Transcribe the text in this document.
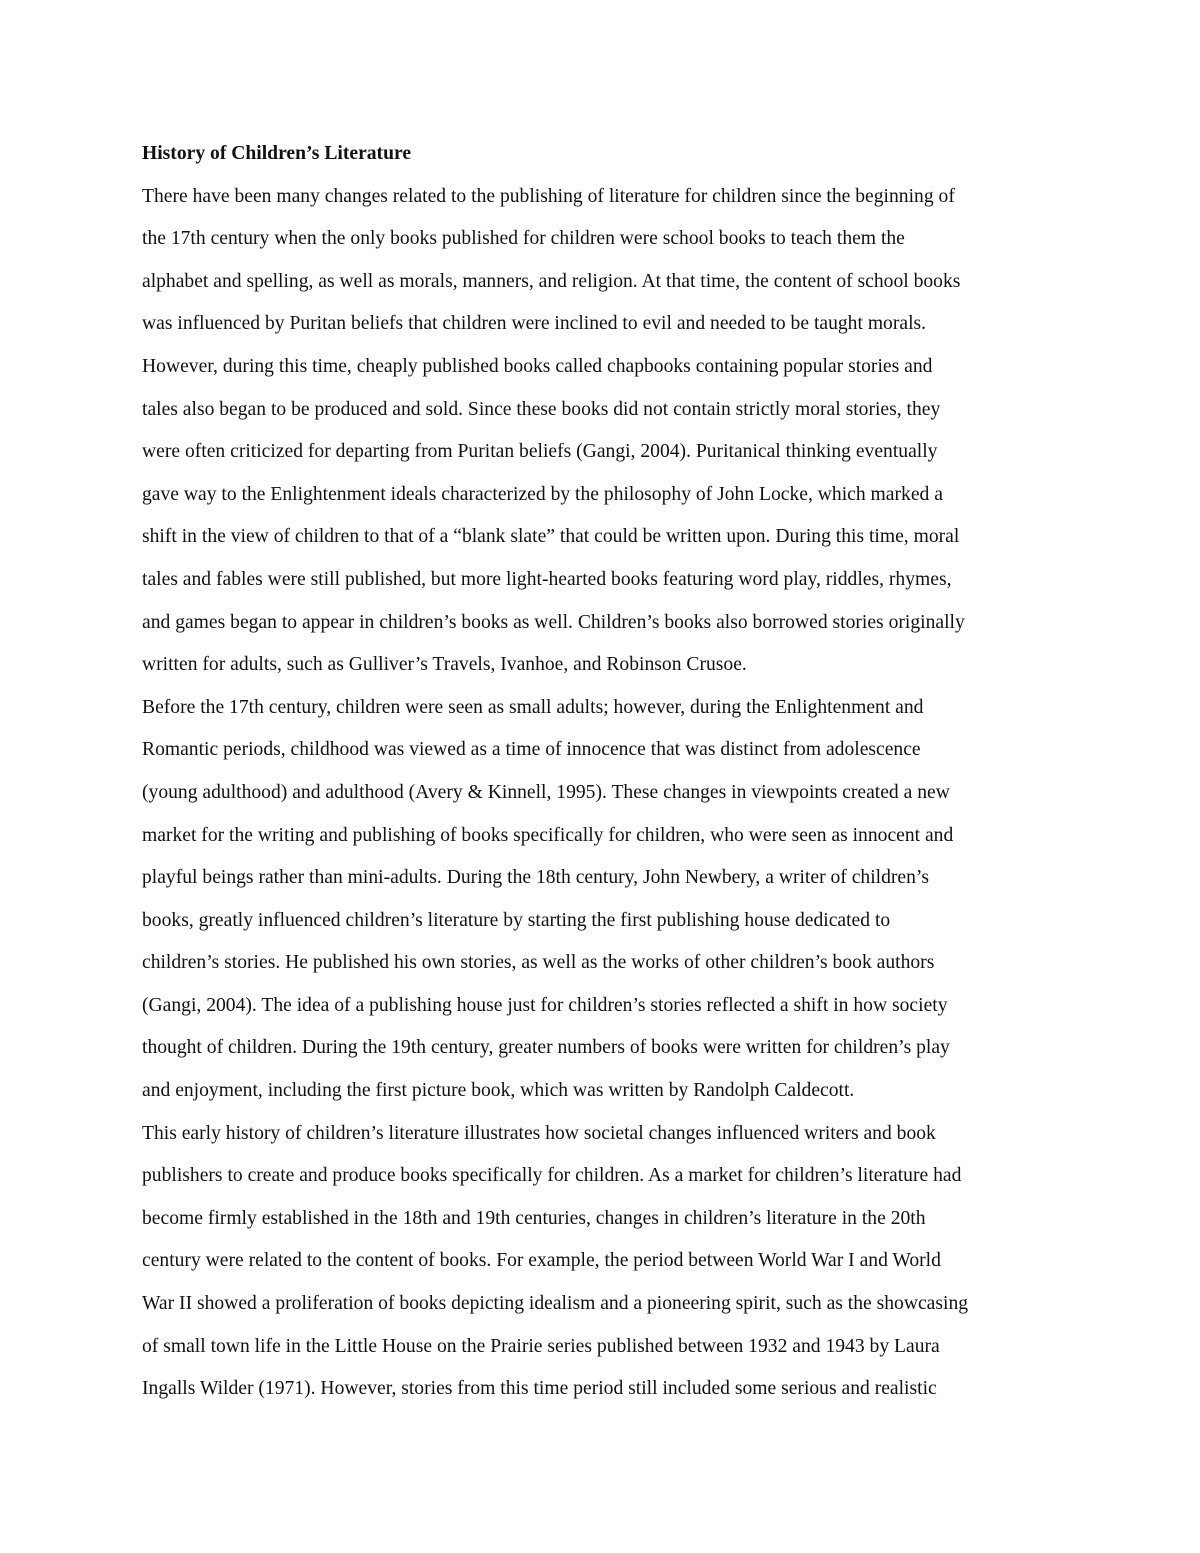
History of Children’s Literature
There have been many changes related to the publishing of literature for children since the beginning of
the 17th century when the only books published for children were school books to teach them the
alphabet and spelling, as well as morals, manners, and religion. At that time, the content of school books
was influenced by Puritan beliefs that children were inclined to evil and needed to be taught morals.
However, during this time, cheaply published books called chapbooks containing popular stories and
tales also began to be produced and sold. Since these books did not contain strictly moral stories, they
were often criticized for departing from Puritan beliefs (Gangi, 2004). Puritanical thinking eventually
gave way to the Enlightenment ideals characterized by the philosophy of John Locke, which marked a
shift in the view of children to that of a “blank slate” that could be written upon. During this time, moral
tales and fables were still published, but more light-hearted books featuring word play, riddles, rhymes,
and games began to appear in children’s books as well. Children’s books also borrowed stories originally
written for adults, such as Gulliver’s Travels, Ivanhoe, and Robinson Crusoe.
Before the 17th century, children were seen as small adults; however, during the Enlightenment and
Romantic periods, childhood was viewed as a time of innocence that was distinct from adolescence
(young adulthood) and adulthood (Avery & Kinnell, 1995). These changes in viewpoints created a new
market for the writing and publishing of books specifically for children, who were seen as innocent and
playful beings rather than mini-adults. During the 18th century, John Newbery, a writer of children’s
books, greatly influenced children’s literature by starting the first publishing house dedicated to
children’s stories. He published his own stories, as well as the works of other children’s book authors
(Gangi, 2004). The idea of a publishing house just for children’s stories reflected a shift in how society
thought of children. During the 19th century, greater numbers of books were written for children’s play
and enjoyment, including the first picture book, which was written by Randolph Caldecott.
This early history of children’s literature illustrates how societal changes influenced writers and book
publishers to create and produce books specifically for children. As a market for children’s literature had
become firmly established in the 18th and 19th centuries, changes in children’s literature in the 20th
century were related to the content of books. For example, the period between World War I and World
War II showed a proliferation of books depicting idealism and a pioneering spirit, such as the showcasing
of small town life in the Little House on the Prairie series published between 1932 and 1943 by Laura
Ingalls Wilder (1971). However, stories from this time period still included some serious and realistic
